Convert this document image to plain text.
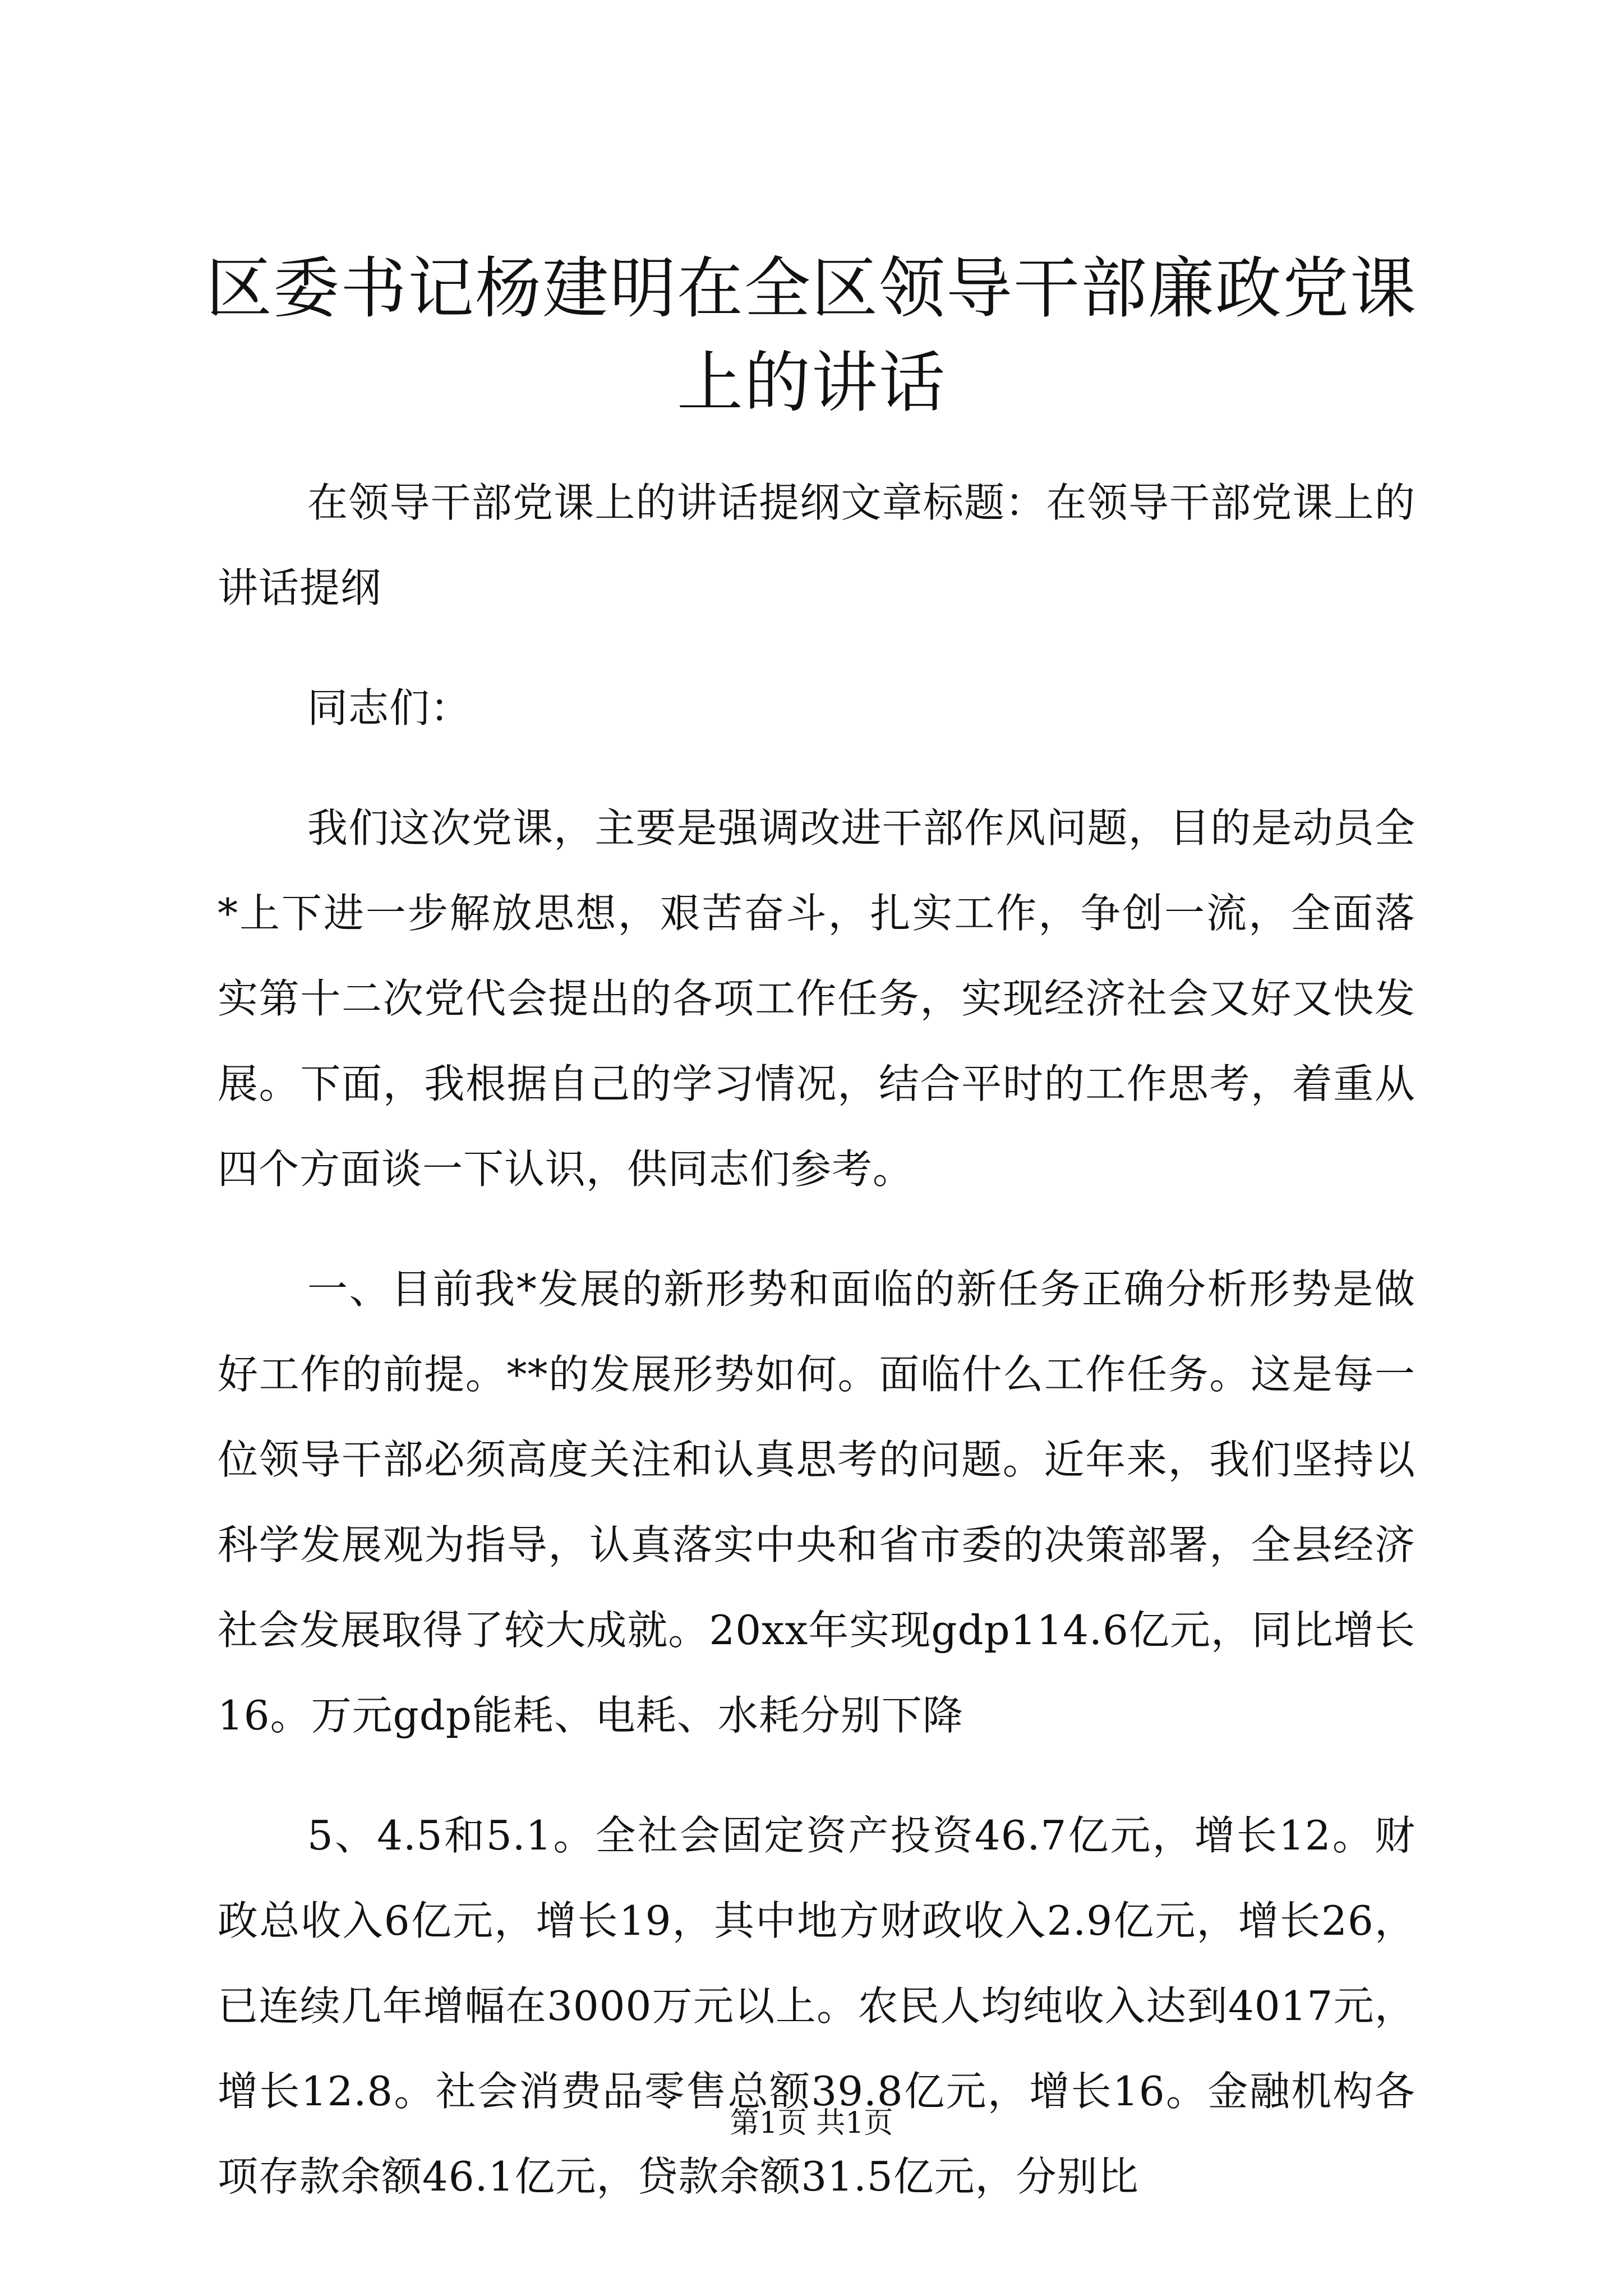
区委书记杨建明在全区领导干部廉政党课上的讲话

在领导干部党课上的讲话提纲文章标题：在领导干部党课上的讲话提纲

同志们：

我们这次党课，主要是强调改进干部作风问题，目的是动员全*上下进一步解放思想，艰苦奋斗，扎实工作，争创一流，全面落实第十二次党代会提出的各项工作任务，实现经济社会又好又快发展。下面，我根据自己的学习情况，结合平时的工作思考，着重从四个方面谈一下认识，供同志们参考。

一、目前我*发展的新形势和面临的新任务正确分析形势是做好工作的前提。**的发展形势如何。面临什么工作任务。这是每一位领导干部必须高度关注和认真思考的问题。近年来，我们坚持以科学发展观为指导，认真落实中央和省市委的决策部署，全县经济社会发展取得了较大成就。20xx年实现gdp114.6亿元，同比增长16。万元gdp能耗、电耗、水耗分别下降

5、4.5和5.1。全社会固定资产投资46.7亿元，增长12。财政总收入6亿元，增长19，其中地方财政收入2.9亿元，增长26，已连续几年增幅在3000万元以上。农民人均纯收入达到4017元，增长12.8。社会消费品零售总额39.8亿元，增长16。金融机构各项存款余额46.1亿元，贷款余额31.5亿元，分别比

第1页 共1页
